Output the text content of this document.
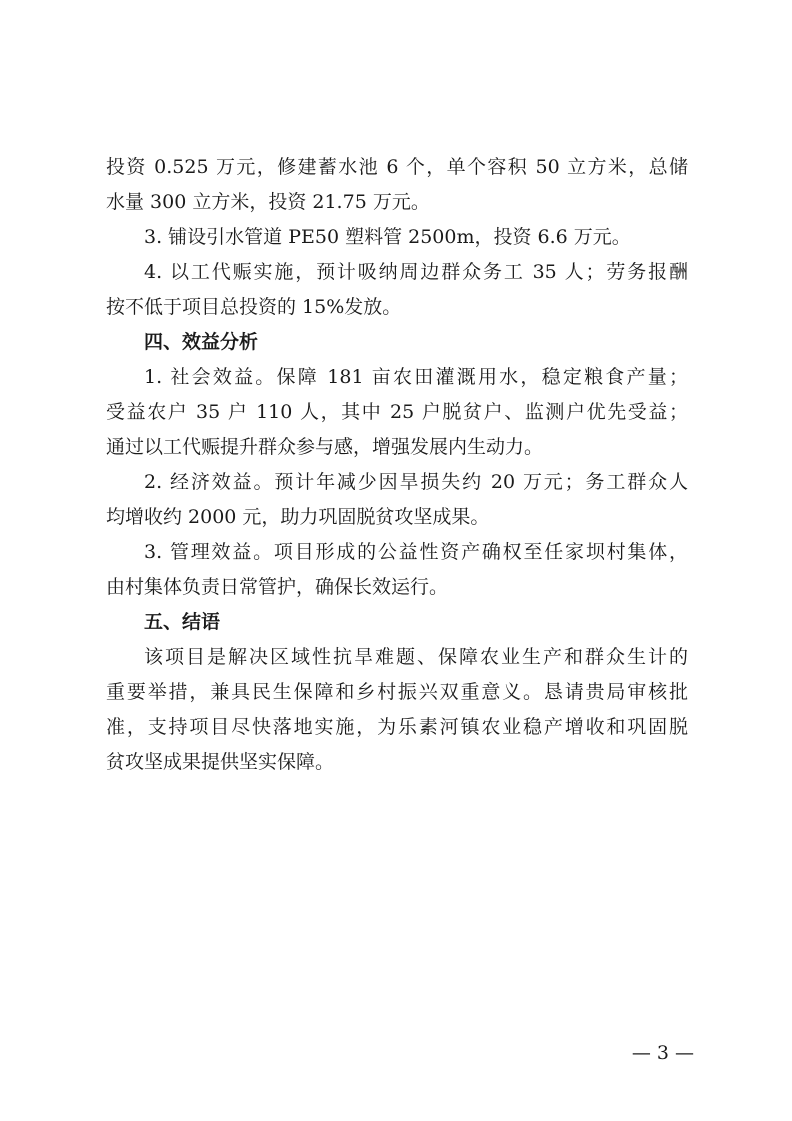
投资 0.525 万元，修建蓄水池 6 个，单个容积 50 立方米，总储
水量 300 立方米，投资 21.75 万元。
3. 铺设引水管道 PE50 塑料管 2500m，投资 6.6 万元。
4. 以工代赈实施，预计吸纳周边群众务工 35 人；劳务报酬
按不低于项目总投资的 15%发放。
四、效益分析
1. 社会效益。保障 181 亩农田灌溉用水，稳定粮食产量；
受益农户 35 户 110 人，其中 25 户脱贫户、监测户优先受益；
通过以工代赈提升群众参与感，增强发展内生动力。
2. 经济效益。预计年减少因旱损失约 20 万元；务工群众人
均增收约 2000 元，助力巩固脱贫攻坚成果。
3. 管理效益。项目形成的公益性资产确权至任家坝村集体，
由村集体负责日常管护，确保长效运行。
五、结语
该项目是解决区域性抗旱难题、保障农业生产和群众生计的
重要举措，兼具民生保障和乡村振兴双重意义。恳请贵局审核批
准，支持项目尽快落地实施，为乐素河镇农业稳产增收和巩固脱
贫攻坚成果提供坚实保障。
— 3 —
